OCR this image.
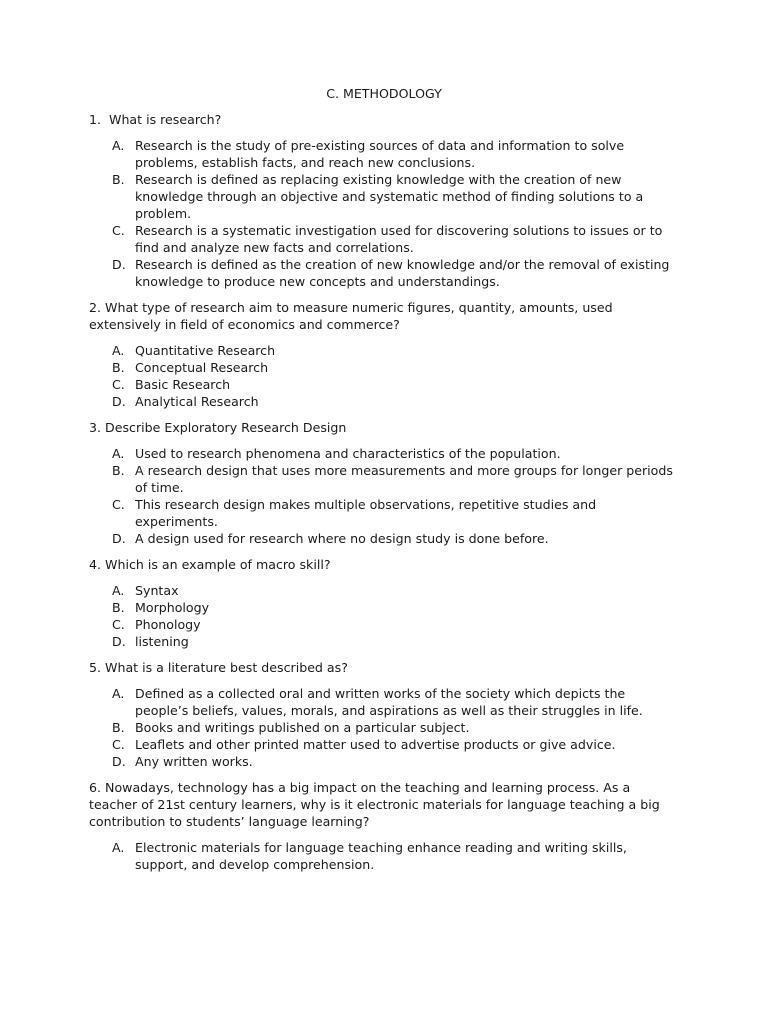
C. METHODOLOGY

1. What is research?

A. Research is the study of pre-existing sources of data and information to solve problems, establish facts, and reach new conclusions.
B. Research is defined as replacing existing knowledge with the creation of new knowledge through an objective and systematic method of finding solutions to a problem.
C. Research is a systematic investigation used for discovering solutions to issues or to find and analyze new facts and correlations.
D. Research is defined as the creation of new knowledge and/or the removal of existing knowledge to produce new concepts and understandings.

2. What type of research aim to measure numeric figures, quantity, amounts, used extensively in field of economics and commerce?

A. Quantitative Research
B. Conceptual Research
C. Basic Research
D. Analytical Research

3. Describe Exploratory Research Design

A. Used to research phenomena and characteristics of the population.
B. A research design that uses more measurements and more groups for longer periods of time.
C. This research design makes multiple observations, repetitive studies and experiments.
D. A design used for research where no design study is done before.

4. Which is an example of macro skill?

A. Syntax
B. Morphology
C. Phonology
D. listening

5. What is a literature best described as?

A. Defined as a collected oral and written works of the society which depicts the people’s beliefs, values, morals, and aspirations as well as their struggles in life.
B. Books and writings published on a particular subject.
C. Leaflets and other printed matter used to advertise products or give advice.
D. Any written works.

6. Nowadays, technology has a big impact on the teaching and learning process. As a teacher of 21st century learners, why is it electronic materials for language teaching a big contribution to students’ language learning?

A. Electronic materials for language teaching enhance reading and writing skills, support, and develop comprehension.
